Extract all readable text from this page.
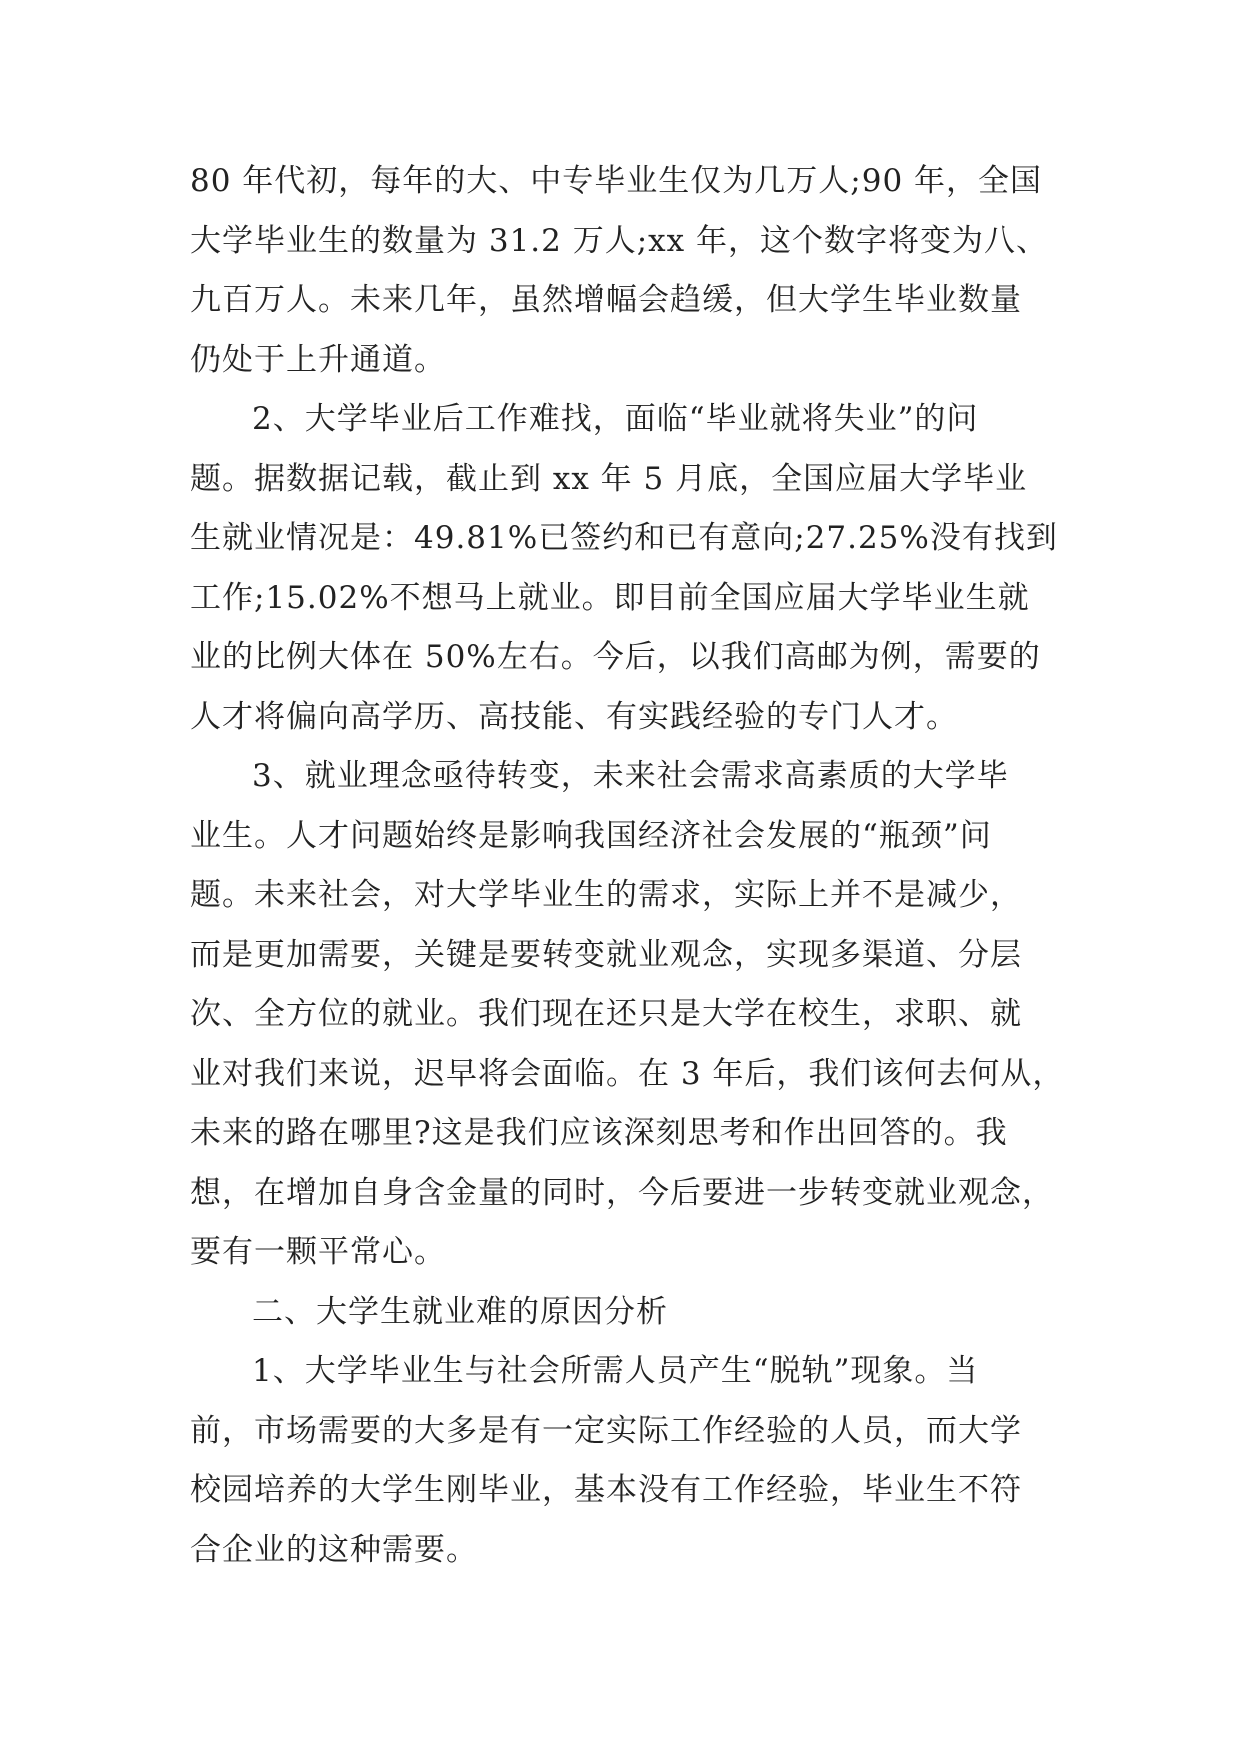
80 年代初，每年的大、中专毕业生仅为几万人;90 年，全国
大学毕业生的数量为 31.2 万人;xx 年，这个数字将变为八、
九百万人。未来几年，虽然增幅会趋缓，但大学生毕业数量
仍处于上升通道。
2、大学毕业后工作难找，面临“毕业就将失业”的问
题。据数据记载，截止到 xx 年 5 月底，全国应届大学毕业
生就业情况是：49.81%已签约和已有意向;27.25%没有找到
工作;15.02%不想马上就业。即目前全国应届大学毕业生就
业的比例大体在 50%左右。今后，以我们高邮为例，需要的
人才将偏向高学历、高技能、有实践经验的专门人才。
3、就业理念亟待转变，未来社会需求高素质的大学毕
业生。人才问题始终是影响我国经济社会发展的“瓶颈”问
题。未来社会，对大学毕业生的需求，实际上并不是减少，
而是更加需要，关键是要转变就业观念，实现多渠道、分层
次、全方位的就业。我们现在还只是大学在校生，求职、就
业对我们来说，迟早将会面临。在 3 年后，我们该何去何从，
未来的路在哪里?这是我们应该深刻思考和作出回答的。我
想，在增加自身含金量的同时，今后要进一步转变就业观念，
要有一颗平常心。
二、大学生就业难的原因分析
1、大学毕业生与社会所需人员产生“脱轨”现象。当
前，市场需要的大多是有一定实际工作经验的人员，而大学
校园培养的大学生刚毕业，基本没有工作经验，毕业生不符
合企业的这种需要。
